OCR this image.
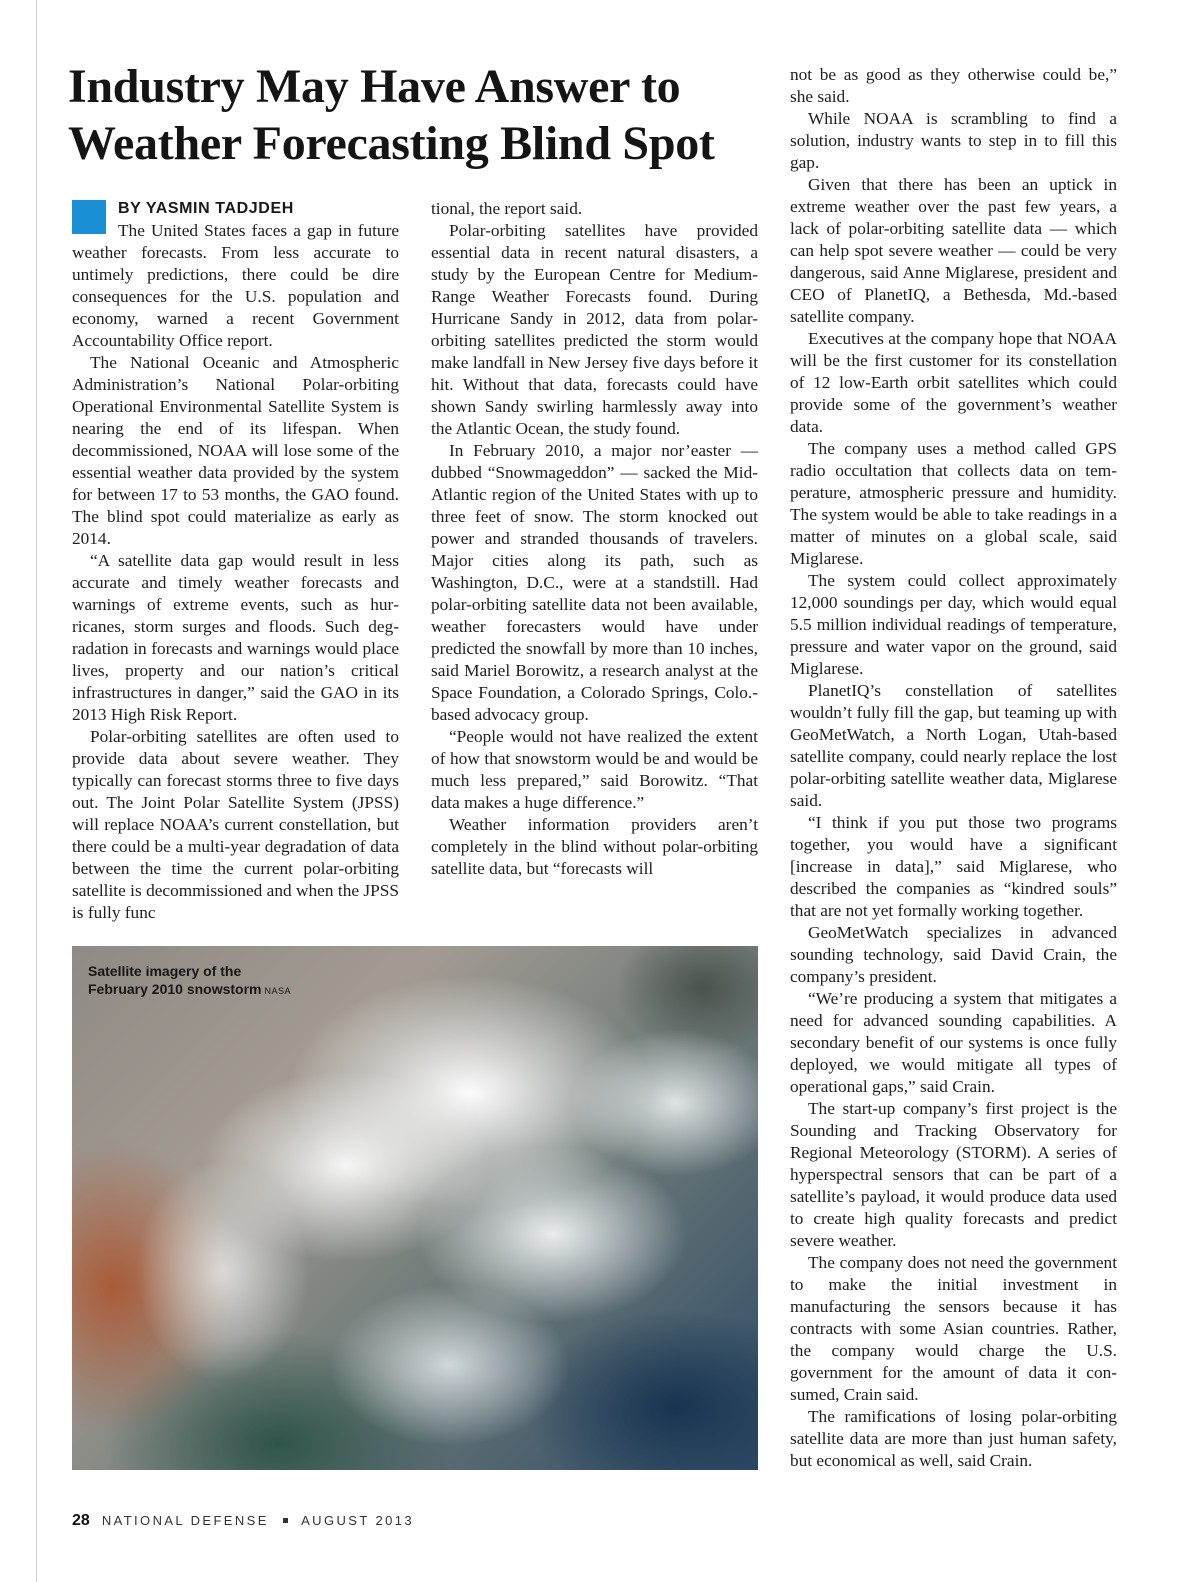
Industry May Have Answer to Weather Forecasting Blind Spot
BY YASMIN TADJDEH

The United States faces a gap in future weather forecasts. From less accurate to untimely predictions, there could be dire consequences for the U.S. population and economy, warned a recent Government Accountability Office report.

The National Oceanic and Atmospheric Administration’s National Polar-orbiting Operational Environmental Satellite System is nearing the end of its lifespan. When decommissioned, NOAA will lose some of the essential weather data provided by the system for between 17 to 53 months, the GAO found. The blind spot could materialize as early as 2014.

“A satellite data gap would result in less accurate and timely weather forecasts and warnings of extreme events, such as hurricanes, storm surges and floods. Such degradation in forecasts and warnings would place lives, property and our nation’s critical infrastructures in danger,” said the GAO in its 2013 High Risk Report.

Polar-orbiting satellites are often used to provide data about severe weather. They typically can forecast storms three to five days out. The Joint Polar Satellite System (JPSS) will replace NOAA’s current constellation, but there could be a multi-year degradation of data between the time the current polar-orbiting satellite is decommissioned and when the JPSS is fully func

tional, the report said.

Polar-orbiting satellites have provided essential data in recent natural disasters, a study by the European Centre for Medium-Range Weather Forecasts found. During Hurricane Sandy in 2012, data from polar-orbiting satellites predicted the storm would make landfall in New Jersey five days before it hit. Without that data, forecasts could have shown Sandy swirling harmlessly away into the Atlantic Ocean, the study found.

In February 2010, a major nor’easter — dubbed “Snowmageddon” — sacked the Mid-Atlantic region of the United States with up to three feet of snow. The storm knocked out power and stranded thousands of travelers. Major cities along its path, such as Washington, D.C., were at a standstill. Had polar-orbiting satellite data not been available, weather forecasters would have under predicted the snowfall by more than 10 inches, said Mariel Borowitz, a research analyst at the Space Foundation, a Colorado Springs, Colo.-based advocacy group.

“People would not have realized the extent of how that snowstorm would be and would be much less prepared,” said Borowitz. “That data makes a huge difference.”

Weather information providers aren’t completely in the blind without polar-orbiting satellite data, but “forecasts will

not be as good as they otherwise could be,” she said.

While NOAA is scrambling to find a solution, industry wants to step in to fill this gap.

Given that there has been an uptick in extreme weather over the past few years, a lack of polar-orbiting satellite data — which can help spot severe weather — could be very dangerous, said Anne Miglarese, president and CEO of PlanetIQ, a Bethesda, Md.-based satellite company.

Executives at the company hope that NOAA will be the first customer for its constellation of 12 low-Earth orbit satellites which could provide some of the government’s weather data.

The company uses a method called GPS radio occultation that collects data on temperature, atmospheric pressure and humidity. The system would be able to take readings in a matter of minutes on a global scale, said Miglarese.

The system could collect approximately 12,000 soundings per day, which would equal 5.5 million individual readings of temperature, pressure and water vapor on the ground, said Miglarese.

PlanetIQ’s constellation of satellites wouldn’t fully fill the gap, but teaming up with GeoMetWatch, a North Logan, Utah-based satellite company, could nearly replace the lost polar-orbiting satellite weather data, Miglarese said.

“I think if you put those two programs together, you would have a significant [increase in data],” said Miglarese, who described the companies as “kindred souls” that are not yet formally working together.

GeoMetWatch specializes in advanced sounding technology, said David Crain, the company’s president.

“We’re producing a system that mitigates a need for advanced sounding capabilities. A secondary benefit of our systems is once fully deployed, we would mitigate all types of operational gaps,” said Crain.

The start-up company’s first project is the Sounding and Tracking Observatory for Regional Meteorology (STORM). A series of hyperspectral sensors that can be part of a satellite’s payload, it would produce data used to create high quality forecasts and predict severe weather.

The company does not need the government to make the initial investment in manufacturing the sensors because it has contracts with some Asian countries. Rather, the company would charge the U.S. government for the amount of data it consumed, Crain said.

The ramifications of losing polar-orbiting satellite data are more than just human safety, but economical as well, said Crain.

Satellite imagery of the
February 2010 snowstorm NASA

28 NATIONAL DEFENSE AUGUST 2013
